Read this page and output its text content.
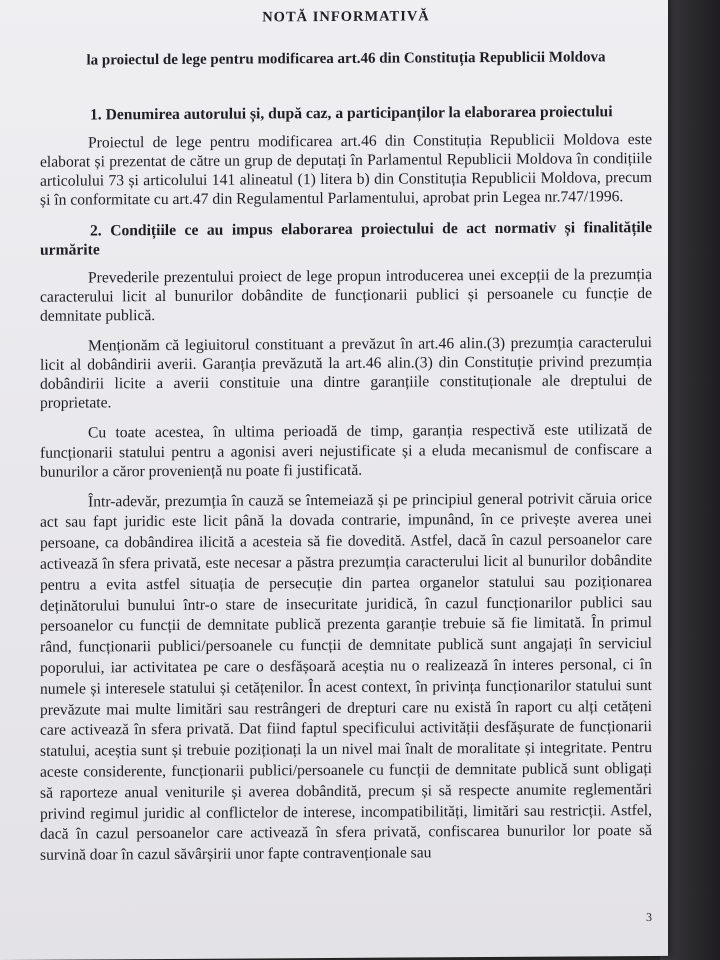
NOTĂ INFORMATIVĂ
la proiectul de lege pentru modificarea art.46 din Constituția Republicii Moldova
1. Denumirea autorului și, după caz, a participanților la elaborarea proiectului

Proiectul de lege pentru modificarea art.46 din Constituția Republicii Moldova este elaborat și prezentat de către un grup de deputați în Parlamentul Republicii Moldova în condițiile articolului 73 și articolului 141 alineatul (1) litera b) din Constituția Republicii Moldova, precum și în conformitate cu art.47 din Regulamentul Parlamentului, aprobat prin Legea nr.747/1996.

2. Condițiile ce au impus elaborarea proiectului de act normativ și finalitățile urmărite

Prevederile prezentului proiect de lege propun introducerea unei excepții de la prezumția caracterului licit al bunurilor dobândite de funcționarii publici și persoanele cu funcție de demnitate publică.

Menționăm că legiuitorul constituant a prevăzut în art.46 alin.(3) prezumția caracterului licit al dobândirii averii. Garanția prevăzută la art.46 alin.(3) din Constituție privind prezumția dobândirii licite a averii constituie una dintre garanțiile constituționale ale dreptului de proprietate.

Cu toate acestea, în ultima perioadă de timp, garanția respectivă este utilizată de funcționarii statului pentru a agonisi averi nejustificate și a eluda mecanismul de confiscare a bunurilor a căror proveniență nu poate fi justificată.

Într-adevăr, prezumția în cauză se întemeiază și pe principiul general potrivit căruia orice act sau fapt juridic este licit până la dovada contrarie, impunând, în ce privește averea unei persoane, ca dobândirea ilicită a acesteia să fie dovedită. Astfel, dacă în cazul persoanelor care activează în sfera privată, este necesar a păstra prezumția caracterului licit al bunurilor dobândite pentru a evita astfel situația de persecuție din partea organelor statului sau poziționarea deținătorului bunului într-o stare de insecuritate juridică, în cazul funcționarilor publici sau persoanelor cu funcții de demnitate publică prezenta garanție trebuie să fie limitată. În primul rând, funcționarii publici/persoanele cu funcții de demnitate publică sunt angajați în serviciul poporului, iar activitatea pe care o desfășoară aceștia nu o realizează în interes personal, ci în numele și interesele statului și cetățenilor. În acest context, în privința funcționarilor statului sunt prevăzute mai multe limitări sau restrângeri de drepturi care nu există în raport cu alți cetățeni care activează în sfera privată. Dat fiind faptul specificului activității desfășurate de funcționarii statului, aceștia sunt și trebuie poziționați la un nivel mai înalt de moralitate și integritate. Pentru aceste considerente, funcționarii publici/persoanele cu funcții de demnitate publică sunt obligați să raporteze anual veniturile și averea dobândită, precum și să respecte anumite reglementări privind regimul juridic al conflictelor de interese, incompatibilități, limitări sau restricții. Astfel, dacă în cazul persoanelor care activează în sfera privată, confiscarea bunurilor lor poate să survină doar în cazul săvârșirii unor fapte contravenționale sau

3
